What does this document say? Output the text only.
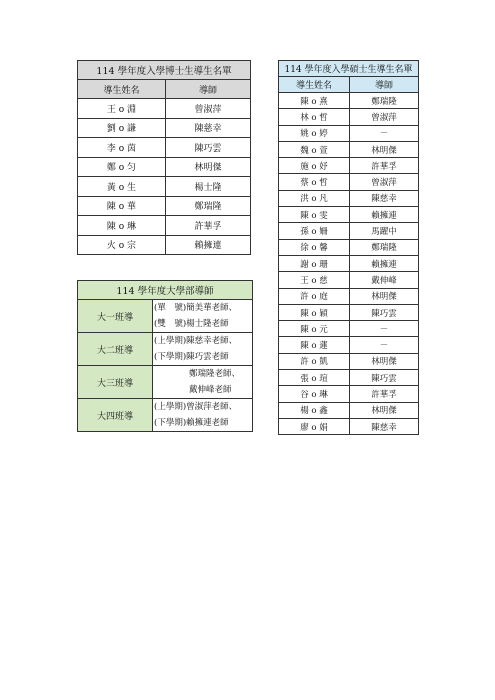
114 學年度入學博士生導生名單	
導生姓名	導師
王 o 淵	曾淑萍
劉 o 謙	陳慈幸
李 o 茵	陳巧雲
鄭 o 匀	林明傑
黃 o 生	楊士隆
陳 o 華	鄭瑞隆
陳 o 琳	許華孚
火 o 宗	賴擁連
114 學年度入學碩士生導生名單	
導生姓名	導師
陳 o 熹	鄭瑞隆
林 o 哲	曾淑萍
姚 o 婷	－
魏 o 萱	林明傑
施 o 妤	許華孚
蔡 o 哲	曾淑萍
洪 o 凡	陳慈幸
陳 o 雯	賴擁連
孫 o 姍	馬躍中
徐 o 馨	鄭瑞隆
謝 o 珊	賴擁連
王 o 慈	戴伸峰
許 o 庭	林明傑
陳 o 穎	陳巧雲
陳 o 元	－
陳 o 蓮	－
許 o 凱	林明傑
張 o 瑄	陳巧雲
谷 o 琳	許華孚
楊 o 鑫	林明傑
廖 o 娟	陳慈幸
114 學年度大學部導師	
大一班導	(單　號)簡美華老師、
	(雙　號)楊士隆老師
大二班導	(上學期)陳慈幸老師、
	(下學期)陳巧雲老師
大三班導	鄭瑞隆老師、
	戴伸峰老師
大四班導	(上學期)曾淑萍老師、
	(下學期)賴擁連老師
